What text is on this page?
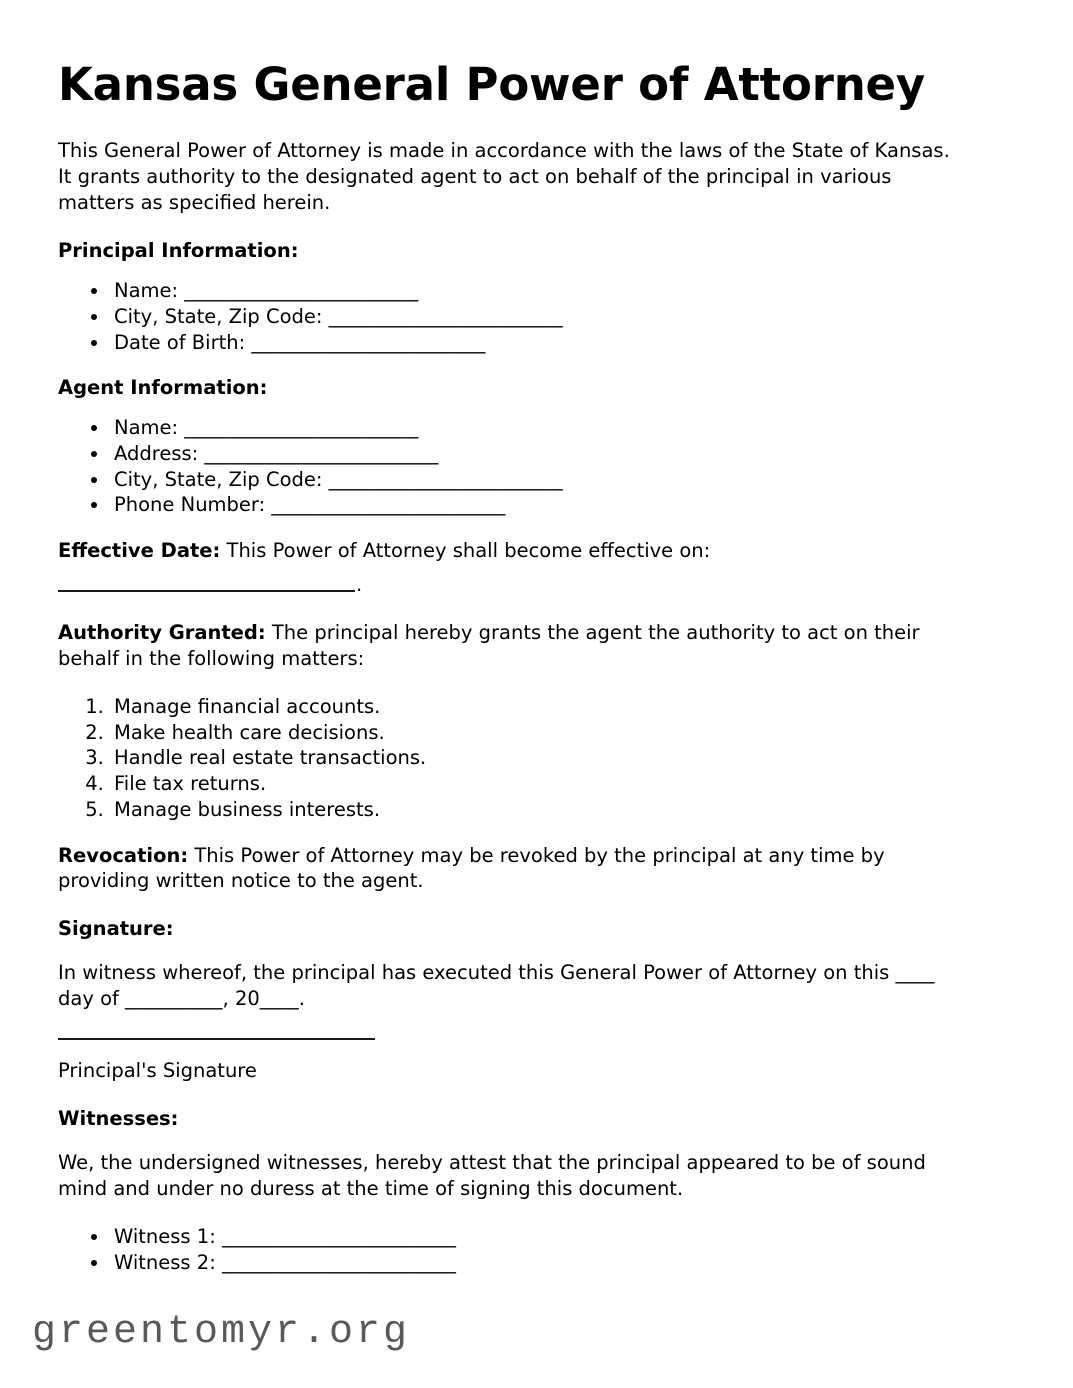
Kansas General Power of Attorney

This General Power of Attorney is made in accordance with the laws of the State of Kansas. It grants authority to the designated agent to act on behalf of the principal in various matters as specified herein.

Principal Information:
• Name: ________________________
• City, State, Zip Code: ________________________
• Date of Birth: ________________________
Agent Information:
• Name: ________________________
• Address: ________________________
• City, State, Zip Code: ________________________
• Phone Number: ________________________

Effective Date: This Power of Attorney shall become effective on:

.

Authority Granted: The principal hereby grants the agent the authority to act on their behalf in the following matters:

1. Manage financial accounts.
2. Make health care decisions.
3. Handle real estate transactions.
4. File tax returns.
5. Manage business interests.

Revocation: This Power of Attorney may be revoked by the principal at any time by providing written notice to the agent.

Signature:

In witness whereof, the principal has executed this General Power of Attorney on this ____ day of __________, 20____.

Principal's Signature

Witnesses:

We, the undersigned witnesses, hereby attest that the principal appeared to be of sound mind and under no duress at the time of signing this document.

• Witness 1: ________________________
• Witness 2: ________________________
greentomyr.org
